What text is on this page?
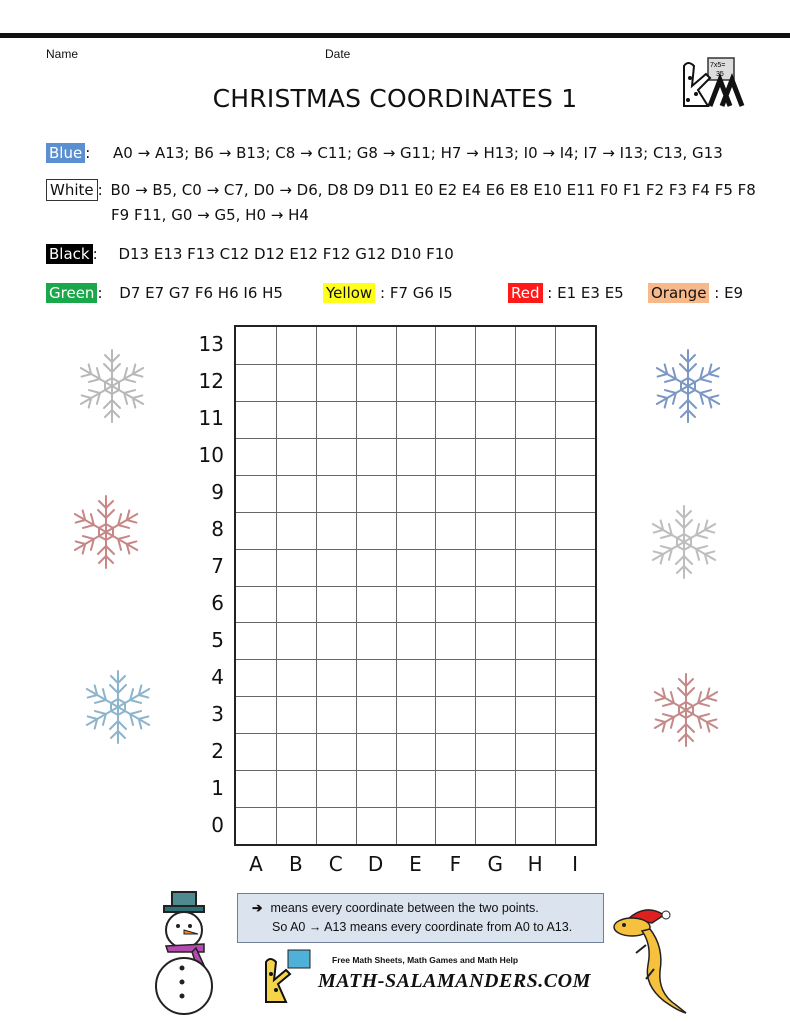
Name	Date
7x5=
35
CHRISTMAS COORDINATES 1
Blue : A0 → A13; B6 → B13; C8 → C11; G8 → G11; H7 → H13; I0 → I4; I7 → I13; C13, G13
White : B0 → B5, C0 → C7, D0 → D6, D8 D9 D11 E0 E2 E4 E6 E8 E10 E11 F0 F1 F2 F3 F4 F5 F8
F9 F11, G0 → G5, H0 → H4
Black : D13 E13 F13 C12 D12 E12 F12 G12 D10 F10
Green : D7 E7 G7 F6 H6 I6 H5	Yellow : F7 G6 I5	Red : E1 E3 E5 Orange : E9
13
12
11
10
9
8
7
6
5
4
3
2
1
0
A	B	C	D	E	F	G	H	I
➔ means every coordinate between the two points.
So A0 → A13 means every coordinate from A0 to A13.
Free Math Sheets, Math Games and Math Help
MATH-SALAMANDERS.COM
